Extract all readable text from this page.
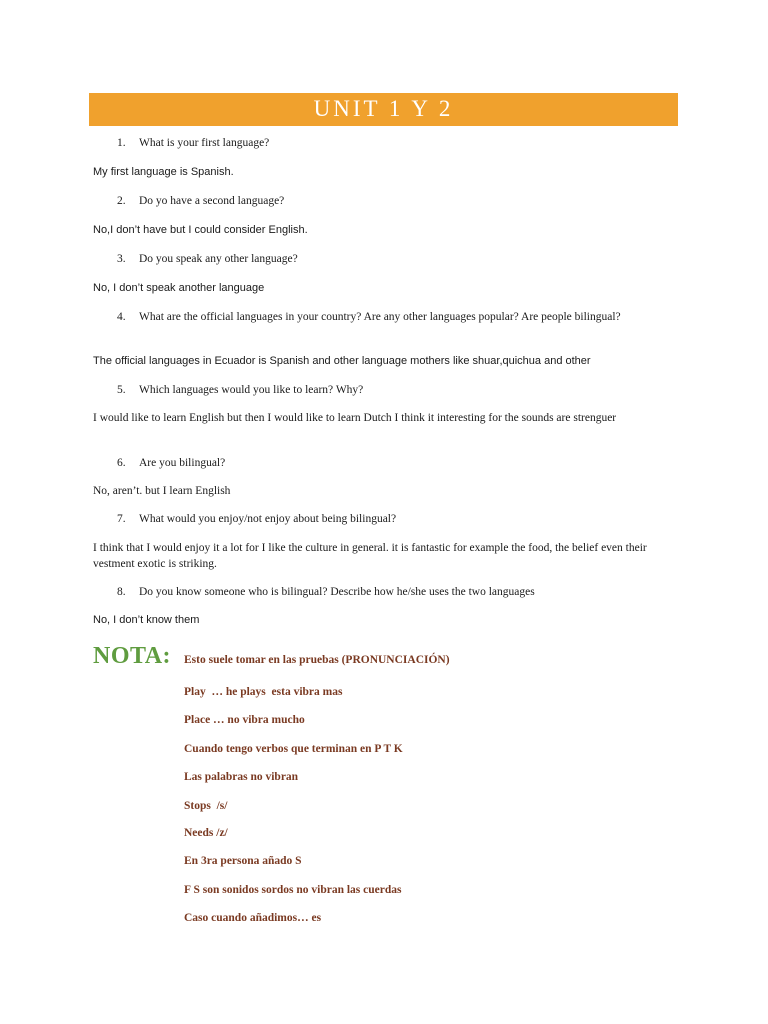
UNIT 1 Y 2
1.	What is your first language?
My first language is Spanish.
2.	Do yo have a second language?
No,I don’t have but I could consider English.
3.	Do you speak any other language?
No, I don’t speak another language
4.	What are the official languages in your country? Are any other languages popular? Are people bilingual?
The official languages in Ecuador is Spanish and other language mothers like shuar,quichua and other
5.	Which languages would you like to learn? Why?
I would like to learn English but then I would like to learn Dutch I think it interesting for the sounds are strenguer
6.	Are you bilingual?
No, aren’t. but I learn English
7.	What would you enjoy/not enjoy about being bilingual?
I think that I would enjoy it a lot for I like the culture in general. it is fantastic for example the food, the belief even their vestment exotic is striking.
8.	Do you know someone who is bilingual? Describe how he/she uses the two languages
No, I don’t know them
NOTA: Esto suele tomar en las pruebas (PRONUNCIACIÓN)
Play  … he plays  esta vibra mas
Place … no vibra mucho
Cuando tengo verbos que terminan en P T K
Las palabras no vibran
Stops  /s/
Needs /z/
En 3ra persona añado S
F S son sonidos sordos no vibran las cuerdas
Caso cuando añadimos… es
